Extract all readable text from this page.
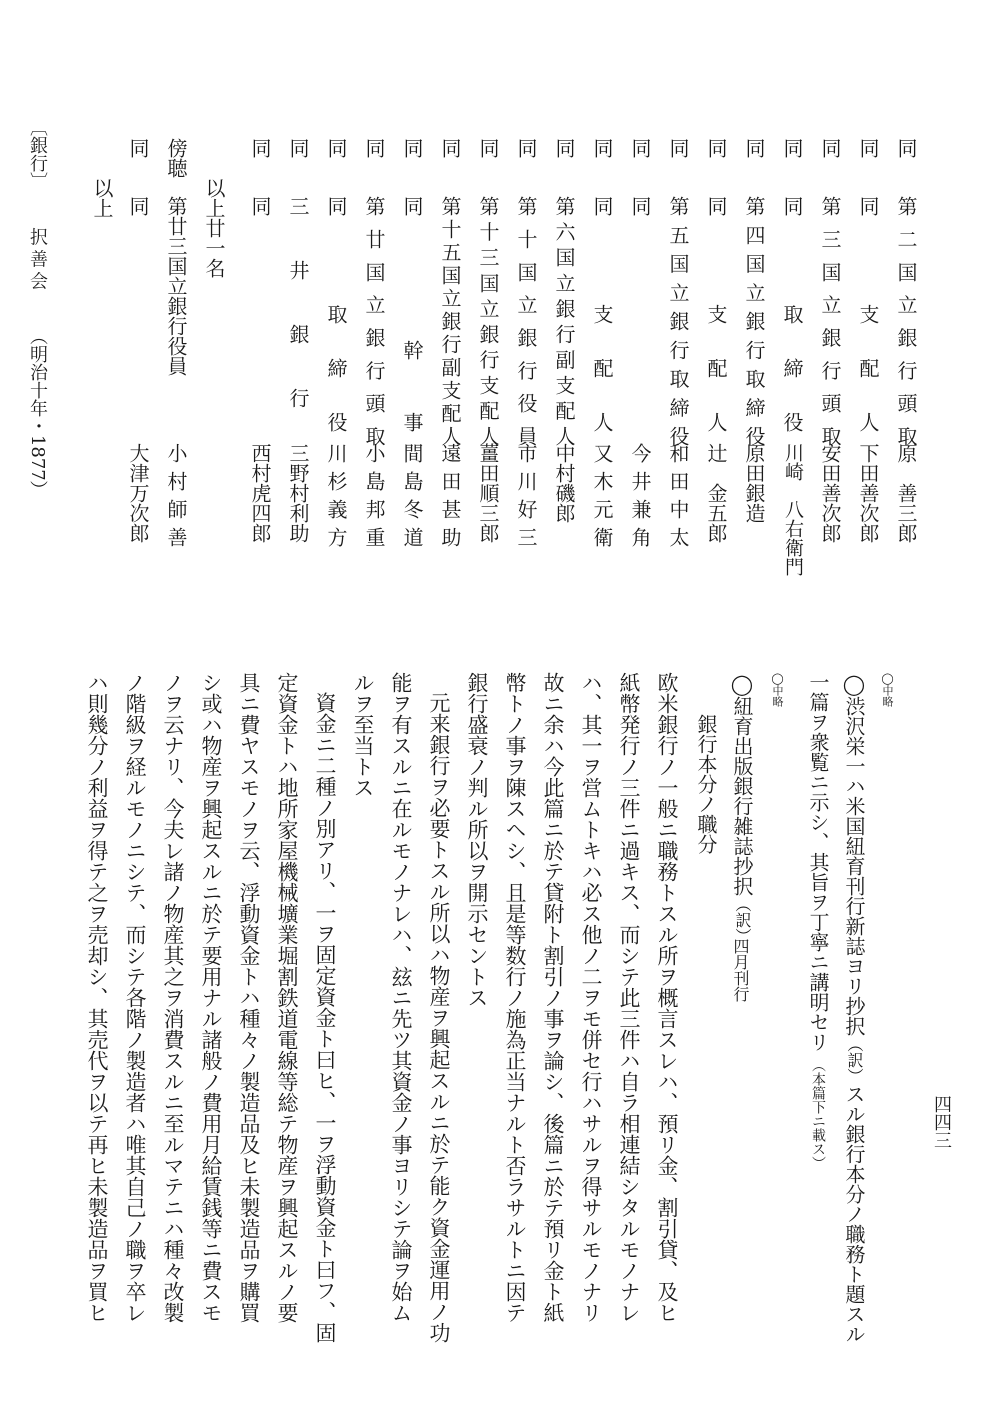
〔銀行〕  択善会  （明治十年・1877）
四四三
同
第二国立銀行頭取
原　善三郎
同
同　支配人
下田善次郎
同
第三国立銀行頭取
安田善次郎
同
同　取締役
川崎　八右衛門
同
第四国立銀行取締役
原田銀造
同
同　支配人
辻　金五郎
同
第五国立銀行取締役
和田中太
同
同
今井兼角
同
同　支配人
又木元衛
同
第六国立銀行副支配人
中村磯郎
同
第十国立銀行役員
市川好三
同
第十三国立銀行支配人
薑田順三郎
同
第十五国立銀行副支配人
遠田甚助
同
同　幹事
間島冬道
同
第廿国立銀行頭取
小島邦重
同
同　取締役
川杉義方
同
三井銀行
三野村利助
同
同
西村虎四郎
以上廿一名
傍聴
第廿三国立銀行役員
小村師善
同
同
大津万次郎
以上
◯中略
◯渋沢栄一ハ米国紐育刊行新誌ヨリ抄択（訳）スル銀行本分ノ職務ト題スル
一篇ヲ衆覧ニ示シ、其旨ヲ丁寧ニ講明セリ（本篇下ニ載ス）
◯中略
◯紐育出版銀行雑誌抄択（訳）
四月刊行
銀行本分ノ職分
欧米銀行ノ一般ニ職務トスル所ヲ概言スレハ、預リ金、割引貸、及ヒ
紙幣発行ノ三件ニ過キス、而シテ此三件ハ自ラ相連結シタルモノナレ
ハ、其一ヲ営ムトキハ必ス他ノ二ヲモ併セ行ハサルヲ得サルモノナリ
故ニ余ハ今此篇ニ於テ貸附ト割引ノ事ヲ論シ、後篇ニ於テ預リ金ト紙
幣トノ事ヲ陳スヘシ、且是等数行ノ施為正当ナルト否ラサルトニ因テ
銀行盛衰ノ判ル所以ヲ開示セントス
元来銀行ヲ必要トスル所以ハ物産ヲ興起スルニ於テ能ク資金運用ノ功
能ヲ有スルニ在ルモノナレハ、玆ニ先ツ其資金ノ事ヨリシテ論ヲ始ム
ルヲ至当トス
資金ニ二種ノ別アリ、一ヲ固定資金ト曰ヒ、一ヲ浮動資金ト曰フ、固
定資金トハ地所家屋機械壙業堀割鉄道電線等総テ物産ヲ興起スルノ要
具ニ費ヤスモノヲ云、浮動資金トハ種々ノ製造品及ヒ未製造品ヲ購買
シ或ハ物産ヲ興起スルニ於テ要用ナル諸般ノ費用月給賃銭等ニ費スモ
ノヲ云ナリ、今夫レ諸ノ物産其之ヲ消費スルニ至ルマテニハ種々改製
ノ階級ヲ経ルモノニシテ、而シテ各階ノ製造者ハ唯其自己ノ職ヲ卒レ
ハ則幾分ノ利益ヲ得テ之ヲ売却シ、其売代ヲ以テ再ヒ未製造品ヲ買ヒ
